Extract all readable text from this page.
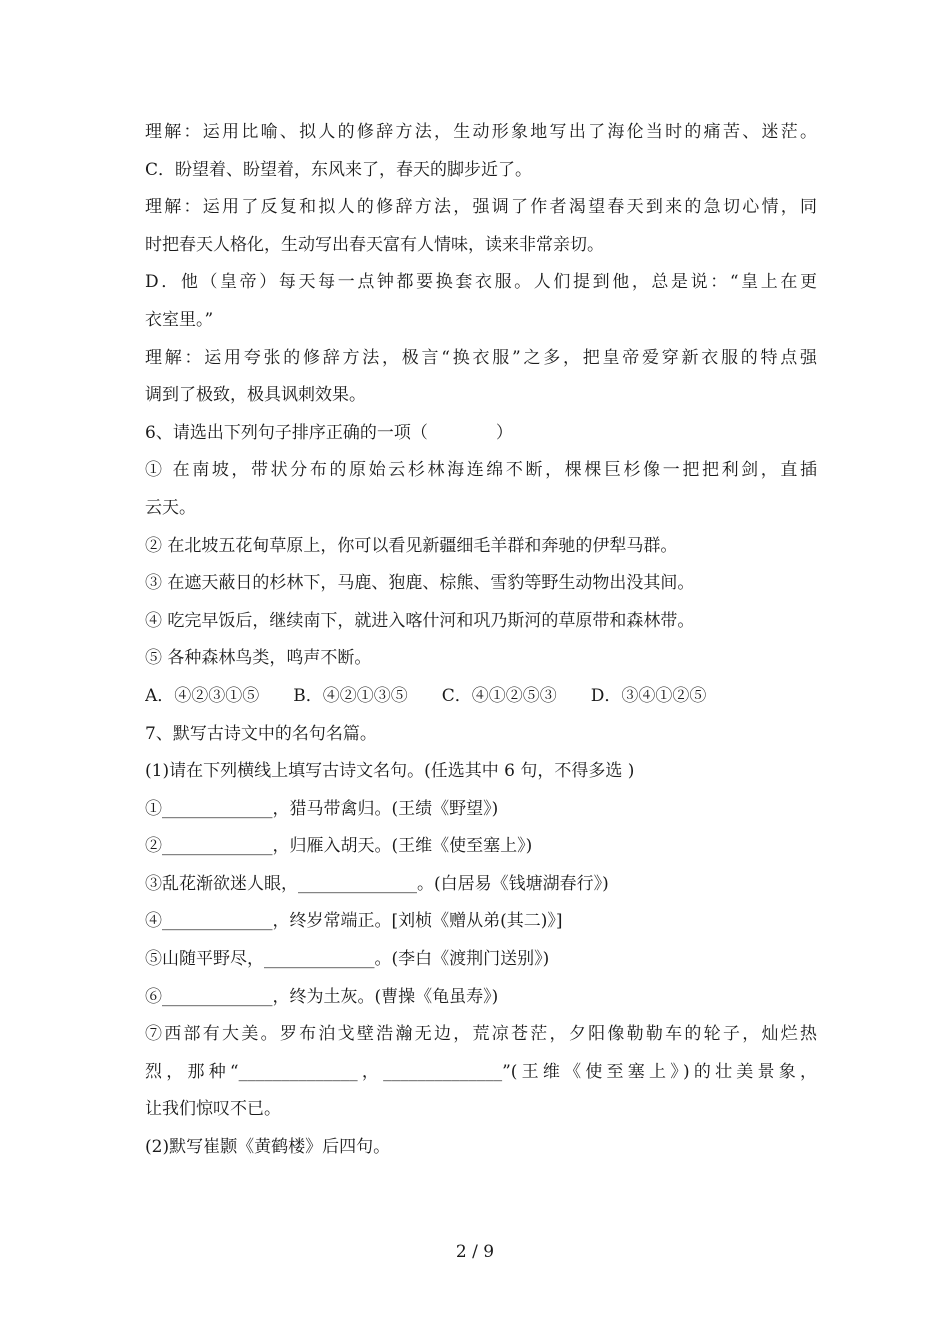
理解：运用比喻、拟人的修辞方法，生动形象地写出了海伦当时的痛苦、迷茫。
C．盼望着、盼望着，东风来了，春天的脚步近了。
理解：运用了反复和拟人的修辞方法，强调了作者渴望春天到来的急切心情，同
时把春天人格化，生动写出春天富有人情味，读来非常亲切。
D．他（皇帝）每天每一点钟都要换套衣服。人们提到他，总是说：“皇上在更
衣室里。”
理解：运用夸张的修辞方法，极言“换衣服”之多，把皇帝爱穿新衣服的特点强
调到了极致，极具讽刺效果。
6、请选出下列句子排序正确的一项（　　　　）
① 在南坡，带状分布的原始云杉林海连绵不断，棵棵巨杉像一把把利剑，直插
云天。
② 在北坡五花甸草原上，你可以看见新疆细毛羊群和奔驰的伊犁马群。
③ 在遮天蔽日的杉林下，马鹿、狍鹿、棕熊、雪豹等野生动物出没其间。
④ 吃完早饭后，继续南下，就进入喀什河和巩乃斯河的草原带和森林带。
⑤ 各种森林鸟类，鸣声不断。
A．④②③①⑤　　B．④②①③⑤　　C．④①②⑤③　　D．③④①②⑤
7、默写古诗文中的名句名篇。
(1)请在下列横线上填写古诗文名句。(任选其中 6 句，不得多选 )
①_____________，猎马带禽归。(王绩《野望》)
②_____________，归雁入胡天。(王维《使至塞上》)
③乱花渐欲迷人眼，______________。(白居易《钱塘湖春行》)
④_____________，终岁常端正。[刘桢《赠从弟(其二)》]
⑤山随平野尽，_____________。(李白《渡荆门送别》)
⑥_____________，终为土灰。(曹操《龟虽寿》)
⑦西部有大美。罗布泊戈壁浩瀚无边，荒凉苍茫，夕阳像勒勒车的轮子，灿烂热
烈，那种“______________，______________”(王维《使至塞上》)的壮美景象，
让我们惊叹不已。
(2)默写崔颢《黄鹤楼》后四句。
2 / 9
